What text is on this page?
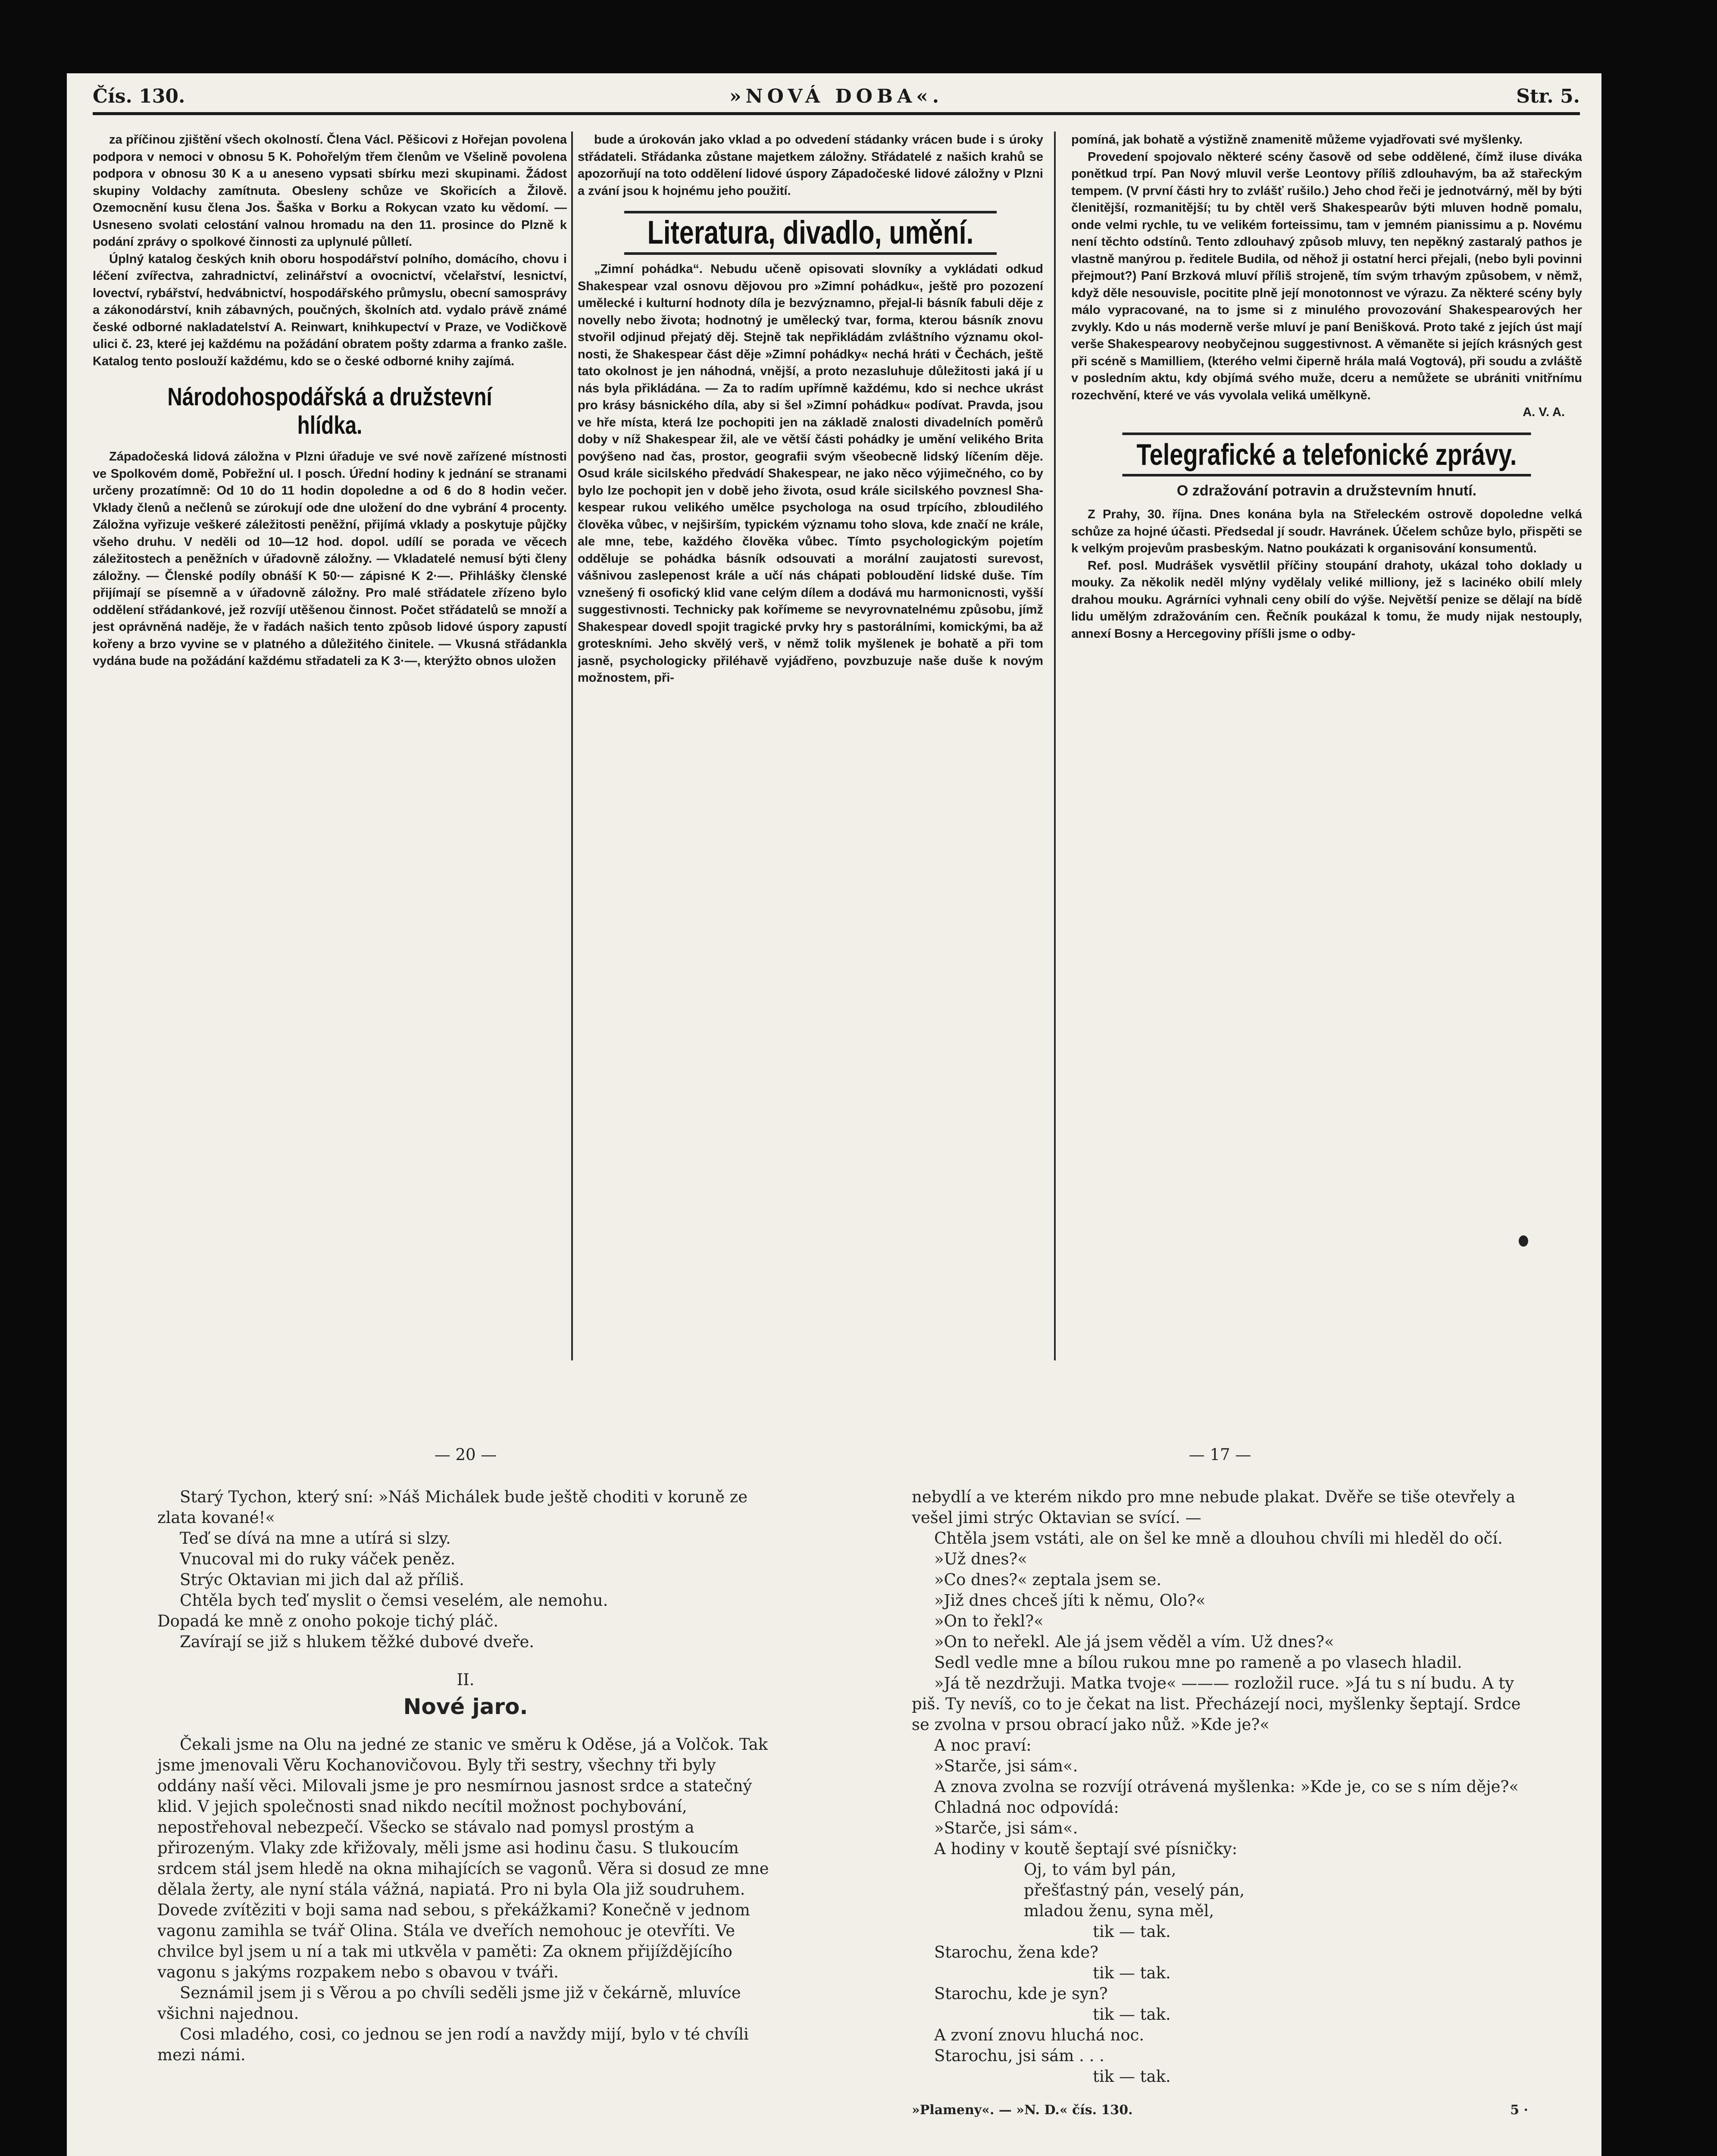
Čís. 130.	»NOVÁ DOBA«.	Str. 5.

za příčinou zjištění všech okolností. Člena Václ. Pěšicovi z Hořejan povolena podpora v nemoci v obnosu 5 K. Pohořelým třem členům ve Všelině povolena podpora v obnosu 30 K a u aneseno vypsati sbírku mezi skupinami. Žádost skupiny Voldachy zamítnuta. Obesleny schůze ve Skořicích a Žilově. Ozemocnění kusu člena Jos. Šaška v Borku a Rokycan vzato ku vědomí. — Usneseno svolati celostání valnou hromadu na den 11. prosince do Plzně k podání zprávy o spolkové činnosti za uplynulé půlletí.

Úplný katalog českých knih oboru hospodářství polního, domácího, chovu i léčení zvířectva, zahradnictví, zelinářství a ovocnictví, včelařství, lesnictví, lovectví, rybářství, hedvábnictví, hospodářského průmyslu, obecní samosprávy a zákonodárství, knih zábavných, poučných, školních atd. vydalo právě známé české odborné nakladatelství A. Reinwart, knihkupectví v Praze, ve Vodičkově ulici č. 23, které jej každému na požádání obratem pošty zdarma a franko zašle. Katalog tento poslouží každému, kdo se o české odborné knihy zajímá.

Národohospodářská a družstevní hlídka.

Západočeská lidová záložna v Plzni úřaduje ve své nově zařízené místnosti ve Spolkovém domě, Pobřežní ul. I posch. Úřední hodiny k jednání se stranami určeny prozatímně: Od 10 do 11 hodin dopoledne a od 6 do 8 hodin večer. Vklady členů a nečlenů se zúrokují ode dne uložení do dne vybrání 4 procenty. Záložna vyřizuje veškeré záležitosti peněžní, přijímá vklady a poskytuje půjčky všeho druhu. V neděli od 10—12 hod. dopol. udílí se porada ve věcech záležitostech a peněžních v úřadovně záložny. — Vkladatelé nemusí býti členy záložny. — Členské podíly obnáší K 50·— zápisné K 2·—. Přihlášky členské přijímají se písemně a v úřadovně záložny. Pro malé střádatele zřízeno bylo oddělení střádankové, jež rozvíjí utěšenou činnost. Počet střádatelů se množí a jest oprávněná naděje, že v řadách našich tento způsob lidové úspory zapustí kořeny a brzo vyvine se v platného a důležitého činitele. — Vkusná střádankla vydána bude na požádání každému střadateli za K 3·—, kterýžto obnos uložen

bude a úrokován jako vklad a po odvedení stádanky vrácen bude i s úroky střádateli. Střádanka zůstane majetkem záložny. Střádatelé z našich krahů se apozorňují na toto oddělení lidové úspory Západočeské lidové záložny v Plzni a zvání jsou k hojnému jeho použití.

Literatura, divadlo, umění.

„Zimní pohádka“. Nebudu učeně opisovati slovníky a vykládati odkud Shakespear vzal osnovu dějovou pro »Zimní pohádku«, ještě pro pozození umělecké i kulturní hodnoty díla je bezvýznamno, přejal-li básník fabuli děje z novelly nebo života; hodnotný je umělecký tvar, forma, kterou básník znovu stvořil odjinud přejatý děj. Stejně tak nepřikládám zvláštního významu okolnosti, že Shakespear část děje »Zimní pohádky« nechá hráti v Čechách, ještě tato okolnost je jen náhodná, vnější, a proto nezasluhuje důležitosti jaká jí u nás byla přikládána. — Za to radím upřímně každému, kdo si nechce ukrást pro krásy básnického díla, aby si šel »Zimní pohádku« podívat. Pravda, jsou ve hře místa, která lze pochopiti jen na základě znalosti divadelních poměrů doby v níž Shakespear žil, ale ve větší části pohádky je umění velikého Brita povýšeno nad čas, prostor, geografii svým všeobecně lidský líčením děje. Osud krále sicilského předvádí Shakespear, ne jako něco výjimečného, co by bylo lze pochopit jen v době jeho života, osud krále sicilského povznesl Shakespear rukou velikého umělce psychologa na osud trpícího, zbloudilého člověka vůbec, v nejširším, typickém významu toho slova, kde značí ne krále, ale mne, tebe, každého člověka vůbec. Tímto psychologickým pojetím odděluje se pohádka básník odsouvati a morální zaujatosti surevost, vášnivou zaslepenost krále a učí nás chápati pobloudění lidské duše. Tím vznešený fi osofický klid vane celým dílem a dodává mu harmonicnosti, vyšší suggestivnosti. Technicky pak kořímeme se nevyrovnatelnému způsobu, jímž Shakespear dovedl spojit tragické prvky hry s pastorálními, komickými, ba až groteskními. Jeho skvělý verš, v němž tolik myšlenek je bohatě a při tom jasně, psychologicky přiléhavě vyjádřeno, povzbuzuje naše duše k novým možnostem, při-

pomíná, jak bohatě a výstižně znamenitě můžeme vyjadřovati své myšlenky.

Provedení spojovalo některé scény časově od sebe oddělené, čímž iluse diváka ponětkud trpí. Pan Nový mluvil verše Leontovy příliš zdlouhavým, ba až stařeckým tempem. (V první části hry to zvlášť rušilo.) Jeho chod řeči je jednotvárný, měl by býti členitější, rozmanitější; tu by chtěl verš Shakespearův býti mluven hodně pomalu, onde velmi rychle, tu ve velikém forteissimu, tam v jemném pianissimu a p. Novému není těchto odstínů. Tento zdlouhavý způsob mluvy, ten nepěkný zastaralý pathos je vlastně manýrou p. ředitele Budila, od něhož ji ostatní herci přejali, (nebo byli povinni přejmout?) Paní Brzková mluví příliš strojeně, tím svým trhavým způsobem, v němž, když děle nesouvisle, pocitite plně její monotonnost ve výrazu. Za některé scény byly málo vypracované, na to jsme si z minulého provozování Shakespearových her zvykly. Kdo u nás moderně verše mluví je paní Benišková. Proto také z jejích úst mají verše Shakespearovy neobyčejnou suggestivnost. A věmaněte si jejích krásných gest při scéně s Mamilliem, (kterého velmi čiperně hrála malá Vogtová), při soudu a zvláště v posledním aktu, kdy objímá svého muže, dceru a nemůžete se ubrániti vnitřnímu rozechvění, které ve vás vyvolala veliká umělkyně.

A. V. A.
Telegrafické a telefonické zprávy.
O zdražování potravin a družstevním hnutí.

Z Prahy, 30. října. Dnes konána byla na Střeleckém ostrově dopoledne velká schůze za hojné účasti. Předsedal jí soudr. Havránek. Účelem schůze bylo, přispěti se k velkým projevům prasbeským. Natno poukázati k organisování konsumentů.

Ref. posl. Mudrášek vysvětlil příčiny stoupání drahoty, ukázal toho doklady u mouky. Za několik neděl mlýny vydělaly veliké milliony, jež s lacinéko obilí mlely drahou mouku. Agrárníci vyhnali ceny obilí do výše. Největší penize se dělají na bídě lidu umělým zdražováním cen. Řečník poukázal k tomu, že mudy nijak nestouply, annexí Bosny a Hercegoviny příšli jsme o odby-

— 20 —

Starý Tychon, který sní: »Náš Michálek bude ještě choditi v koruně ze zlata kované!«

Teď se dívá na mne a utírá si slzy.

Vnucoval mi do ruky váček peněz.

Strýc Oktavian mi jich dal až příliš.

Chtěla bych teď myslit o čemsi veselém, ale nemohu.

Dopadá ke mně z onoho pokoje tichý pláč.

Zavírají se již s hlukem těžké dubové dveře.

II.
Nové jaro.

Čekali jsme na Olu na jedné ze stanic ve směru k Oděse, já a Volčok. Tak jsme jmenovali Věru Kochanovičovou. Byly tři sestry, všechny tři byly oddány naší věci. Milovali jsme je pro nesmírnou jasnost srdce a statečný klid. V jejich společnosti snad nikdo necítil možnost pochybování, nepostřehoval nebezpečí. Všecko se stávalo nad pomysl prostým a přirozeným. Vlaky zde křižovaly, měli jsme asi hodinu času. S tlukoucím srdcem stál jsem hledě na okna mihajících se vagonů. Věra si dosud ze mne dělala žerty, ale nyní stála vážná, napiatá. Pro ni byla Ola již soudruhem. Dovede zvítěziti v boji sama nad sebou, s překážkami? Konečně v jednom vagonu zamihla se tvář Olina. Stála ve dveřích nemohouc je otevříti. Ve chvilce byl jsem u ní a tak mi utkvěla v paměti: Za oknem přijíždějícího vagonu s jakýms rozpakem nebo s obavou v tváři.

Seznámil jsem ji s Věrou a po chvíli seděli jsme již v čekárně, mluvíce všichni najednou.

Cosi mladého, cosi, co jednou se jen rodí a navždy mijí, bylo v té chvíli mezi námi.

— 17 —

nebydlí a ve kterém nikdo pro mne nebude plakat. Dvěře se tiše otevřely a vešel jimi strýc Oktavian se svící. —

Chtěla jsem vstáti, ale on šel ke mně a dlouhou chvíli mi hleděl do očí.

»Už dnes?«

»Co dnes?« zeptala jsem se.

»Již dnes chceš jíti k němu, Olo?«

»On to řekl?«

»On to neřekl. Ale já jsem věděl a vím. Už dnes?«

Sedl vedle mne a bílou rukou mne po rameně a po vlasech hladil.

»Já tě nezdržuji. Matka tvoje« ——— rozložil ruce. »Já tu s ní budu. A ty piš. Ty nevíš, co to je čekat na list. Přecházejí noci, myšlenky šeptají. Srdce se zvolna v prsou obrací jako nůž. »Kde je?«

A noc praví:

»Starče, jsi sám«.

A znova zvolna se rozvíjí otrávená myšlenka: »Kde je, co se s ním děje?«

Chladná noc odpovídá:

»Starče, jsi sám«.

A hodiny v koutě šeptají své písničky:

Oj, to vám byl pán,

přešťastný pán, veselý pán,

mladou ženu, syna měl,

tik — tak.

Starochu, žena kde?

tik — tak.

Starochu, kde je syn?

tik — tak.

A zvoní znovu hluchá noc.

Starochu, jsi sám . . .

tik — tak.

»Plameny«. — »N. D.« čís. 130.	5 ·
